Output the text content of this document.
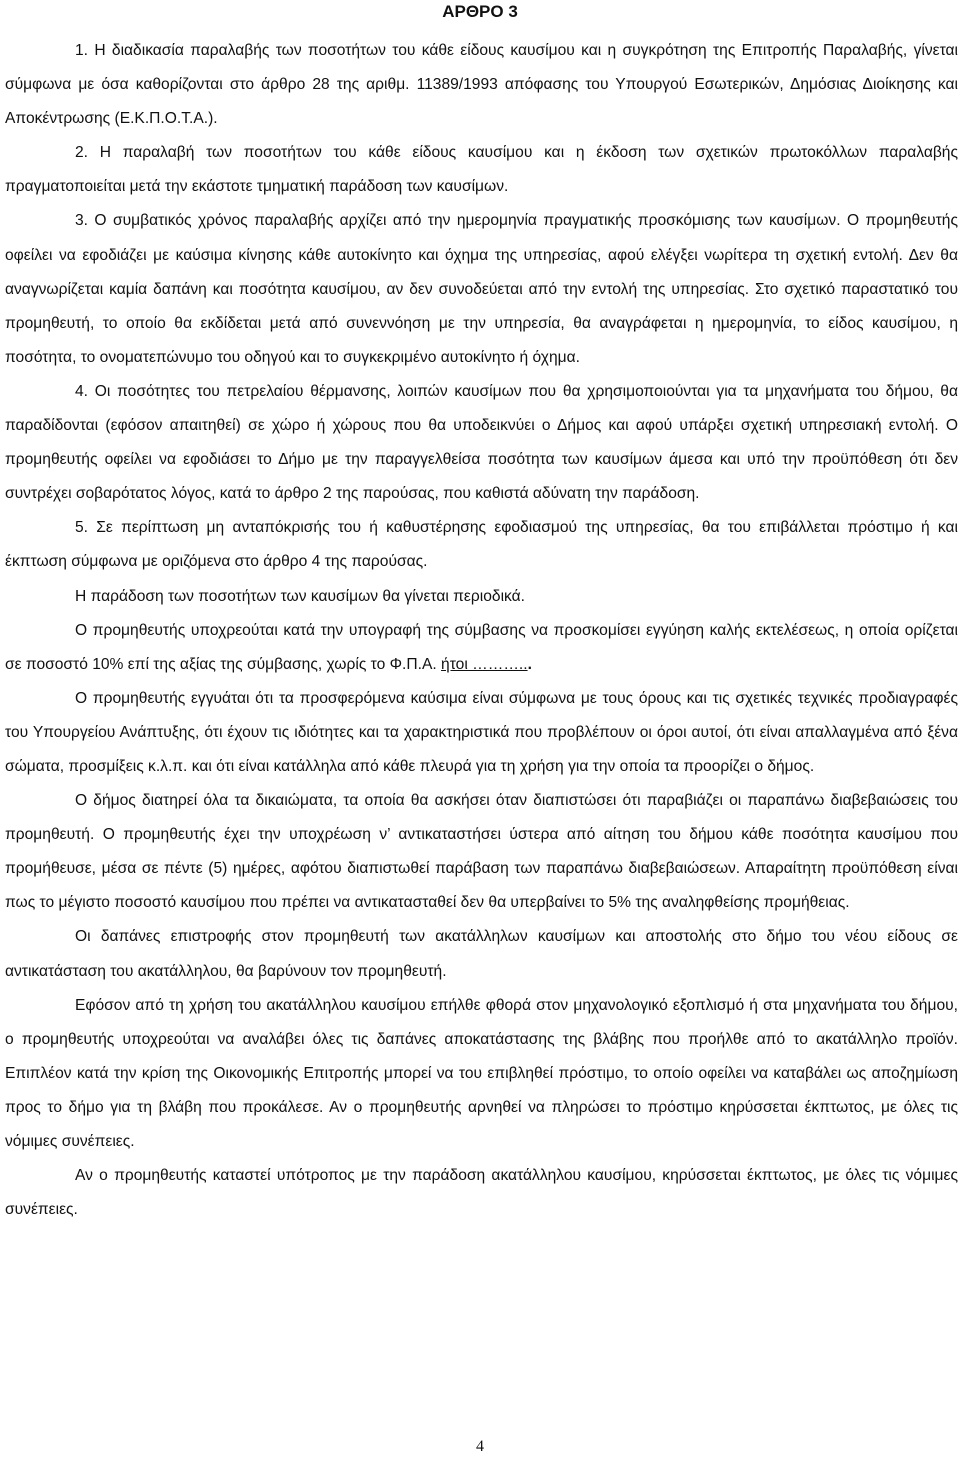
ΑΡΘΡΟ 3

1. Η διαδικασία παραλαβής των ποσοτήτων του κάθε είδους καυσίμου και η συγκρότηση της Επιτροπής Παραλαβής, γίνεται σύμφωνα με όσα καθορίζονται στο άρθρο 28 της αριθμ. 11389/1993 απόφασης του Υπουργού Εσωτερικών, Δημόσιας Διοίκησης και Αποκέντρωσης (Ε.Κ.Π.Ο.Τ.Α.).

2. Η παραλαβή των ποσοτήτων του κάθε είδους καυσίμου και η έκδοση των σχετικών πρωτοκόλλων παραλαβής πραγματοποιείται μετά την εκάστοτε τμηματική παράδοση των καυσίμων.

3. Ο συμβατικός χρόνος παραλαβής αρχίζει από την ημερομηνία πραγματικής προσκόμισης των καυσίμων. Ο προμηθευτής οφείλει να εφοδιάζει με καύσιμα κίνησης κάθε αυτοκίνητο και όχημα της υπηρεσίας, αφού ελέγξει νωρίτερα τη σχετική εντολή. Δεν θα αναγνωρίζεται καμία δαπάνη και ποσότητα καυσίμου, αν δεν συνοδεύεται από την εντολή της υπηρεσίας. Στο σχετικό παραστατικό του προμηθευτή, το οποίο θα εκδίδεται μετά από συνεννόηση με την υπηρεσία, θα αναγράφεται η ημερομηνία, το είδος καυσίμου, η ποσότητα, το ονοματεπώνυμο του οδηγού και το συγκεκριμένο αυτοκίνητο ή όχημα.

4. Οι ποσότητες του πετρελαίου θέρμανσης, λοιπών καυσίμων που θα χρησιμοποιούνται για τα μηχανήματα του δήμου, θα παραδίδονται (εφόσον απαιτηθεί) σε χώρο ή χώρους που θα υποδεικνύει ο Δήμος και αφού υπάρξει σχετική υπηρεσιακή εντολή. Ο προμηθευτής οφείλει να εφοδιάσει το Δήμο με την παραγγελθείσα ποσότητα των καυσίμων άμεσα και υπό την προϋπόθεση ότι δεν συντρέχει σοβαρότατος λόγος, κατά το άρθρο 2 της παρούσας, που καθιστά αδύνατη την παράδοση.

5. Σε περίπτωση μη ανταπόκρισής του ή καθυστέρησης εφοδιασμού της υπηρεσίας, θα του επιβάλλεται πρόστιμο ή και έκπτωση σύμφωνα με οριζόμενα στο άρθρο 4 της παρούσας.

Η παράδοση των ποσοτήτων των καυσίμων θα γίνεται περιοδικά.

Ο προμηθευτής υποχρεούται κατά την υπογραφή της σύμβασης να προσκομίσει εγγύηση καλής εκτελέσεως, η οποία ορίζεται σε ποσοστό 10% επί της αξίας της σύμβασης, χωρίς το Φ.Π.Α. ήτοι ………...

Ο προμηθευτής εγγυάται ότι τα προσφερόμενα καύσιμα είναι σύμφωνα με τους όρους και τις σχετικές τεχνικές προδιαγραφές του Υπουργείου Ανάπτυξης, ότι έχουν τις ιδιότητες και τα χαρακτηριστικά που προβλέπουν οι όροι αυτοί, ότι είναι απαλλαγμένα από ξένα σώματα, προσμίξεις κ.λ.π. και ότι είναι κατάλληλα από κάθε πλευρά για τη χρήση για την οποία τα προορίζει ο δήμος.

Ο δήμος διατηρεί όλα τα δικαιώματα, τα οποία θα ασκήσει όταν διαπιστώσει ότι παραβιάζει οι παραπάνω διαβεβαιώσεις του προμηθευτή. Ο προμηθευτής έχει την υποχρέωση ν’ αντικαταστήσει ύστερα από αίτηση του δήμου κάθε ποσότητα καυσίμου που προμήθευσε, μέσα σε πέντε (5) ημέρες, αφότου διαπιστωθεί παράβαση των παραπάνω διαβεβαιώσεων. Απαραίτητη προϋπόθεση είναι πως το μέγιστο ποσοστό καυσίμου που πρέπει να αντικατασταθεί δεν θα υπερβαίνει το 5% της αναληφθείσης προμήθειας.

Οι δαπάνες επιστροφής στον προμηθευτή των ακατάλληλων καυσίμων και αποστολής στο δήμο του νέου είδους σε αντικατάσταση του ακατάλληλου, θα βαρύνουν τον προμηθευτή.

Εφόσον από τη χρήση του ακατάλληλου καυσίμου επήλθε φθορά στον μηχανολογικό εξοπλισμό ή στα μηχανήματα του δήμου, ο προμηθευτής υποχρεούται να αναλάβει όλες τις δαπάνες αποκατάστασης της βλάβης που προήλθε από το ακατάλληλο προϊόν. Επιπλέον κατά την κρίση της Οικονομικής Επιτροπής μπορεί να του επιβληθεί πρόστιμο, το οποίο οφείλει να καταβάλει ως αποζημίωση προς το δήμο για τη βλάβη που προκάλεσε. Αν ο προμηθευτής αρνηθεί να πληρώσει το πρόστιμο κηρύσσεται έκπτωτος, με όλες τις νόμιμες συνέπειες.

Αν ο προμηθευτής καταστεί υπότροπος με την παράδοση ακατάλληλου καυσίμου, κηρύσσεται έκπτωτος, με όλες τις νόμιμες συνέπειες.

4
